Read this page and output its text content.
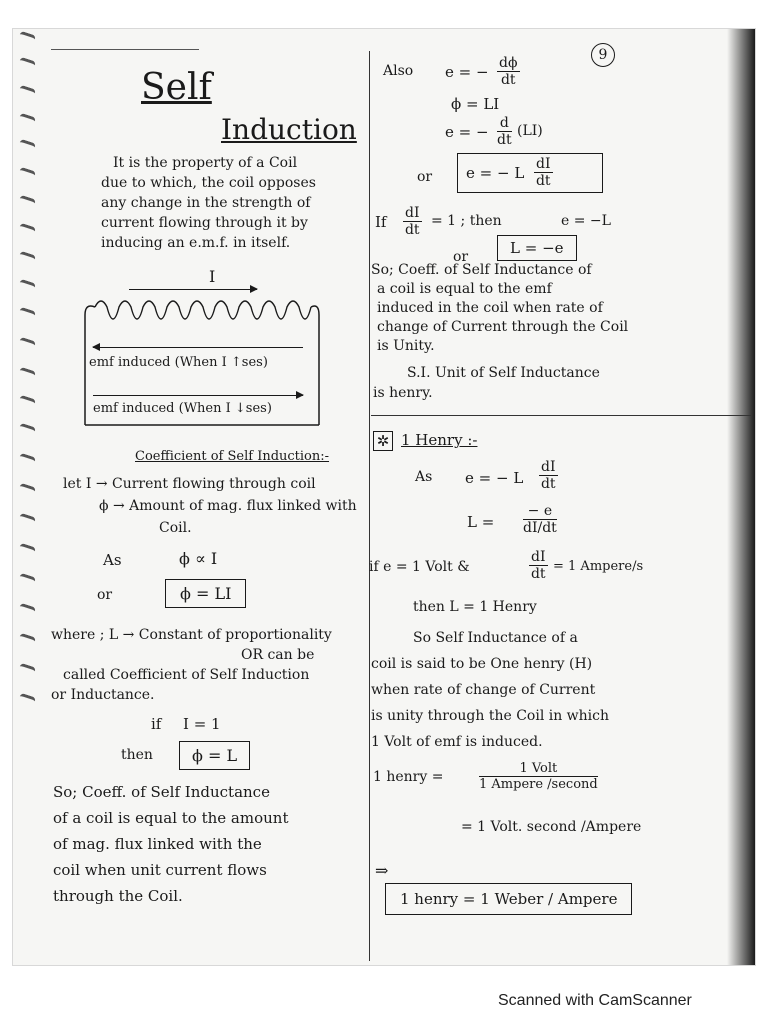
9
Self
Induction
It is the property of a Coil
due to which, the coil opposes
any change in the strength of
current flowing through it by
inducing an e.m.f. in itself.
I
emf induced (When I ↑ses)
emf induced (When I ↓ses)
Coefficient of Self Induction:-
let I → Current flowing through coil
ϕ → Amount of mag. flux linked with
Coil.
As	ϕ ∝ I
or	ϕ = LI
where ; L → Constant of proportionality
OR can be
called Coefficient of Self Induction
or Inductance.
if I = 1
then	ϕ = L
So; Coeff. of Self Inductance
of a coil is equal to the amount
of mag. flux linked with the
coil when unit current flows
through the Coil.
Also e = − $\frac{d\phi}{dt}$
ϕ = LI
e = − $\frac{d}{dt} (LI)$
or e = − L $\frac{dI}{dt}$
If $\frac{dI}{dt} = 1$ ; then	e = −L
or	L = −e
So; Coeff. of Self Inductance of
a coil is equal to the emf
induced in the coil when rate of
change of Current through the Coil
is Unity.
S.I. Unit of Self Inductance
is henry.
✲ 1 Henry :-
As e = − L $\frac{dI}{dt}$
$L = \frac{- e}{dI/dt}$
if e = 1 Volt &	$\frac{dI}{dt} = 1$ Ampere/s
then L = 1 Henry
So Self Inductance of a
coil is said to be One henry (H)
when rate of change of Current
is unity through the Coil in which
1 Volt of emf is induced.
1 henry =
1 Volt
1 Ampere /second
= 1 Volt. second /Ampere
⇒
1 henry = 1 Weber / Ampere
Scanned with CamScanner
